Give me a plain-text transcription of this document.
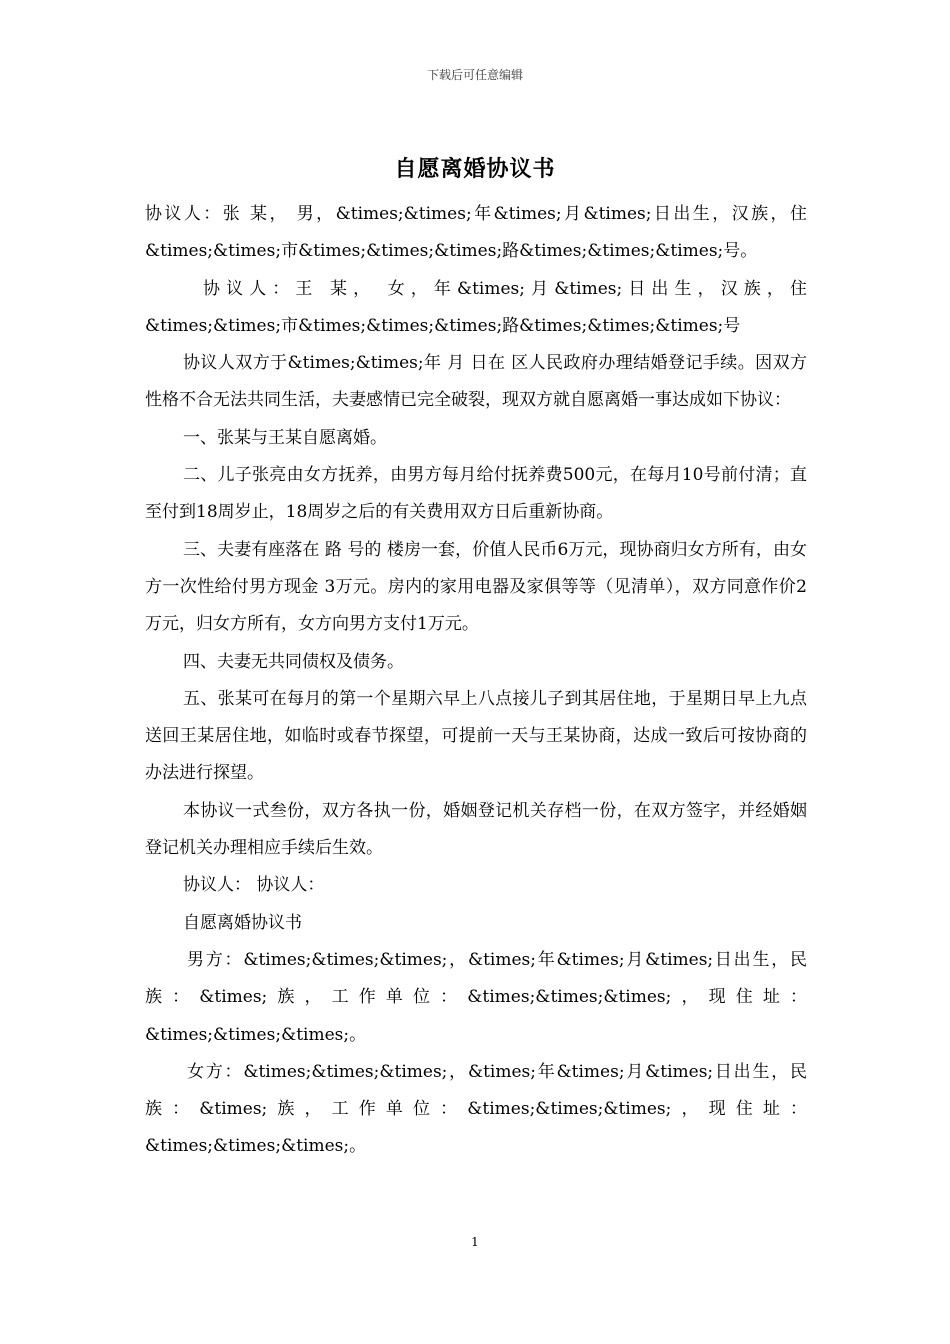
下载后可任意编辑
自愿离婚协议书

协议人：张 某， 男，&times;&times;年&times;月&times;日出生，汉族，住&times;&times;市&times;&times;&times;路&times;&times;&times;号。

协议人：王 某， 女，年&times;月&times;日出生，汉族，住&times;&times;市&times;&times;&times;路&times;&times;&times;号

协议人双方于&times;&times;年 月 日在 区人民政府办理结婚登记手续。因双方性格不合无法共同生活，夫妻感情已完全破裂，现双方就自愿离婚一事达成如下协议：

一、张某与王某自愿离婚。

二、儿子张亮由女方抚养，由男方每月给付抚养费500元，在每月10号前付清；直至付到18周岁止，18周岁之后的有关费用双方日后重新协商。

三、夫妻有座落在 路 号的 楼房一套，价值人民币6万元，现协商归女方所有，由女方一次性给付男方现金 3万元。房内的家用电器及家俱等等（见清单），双方同意作价2万元，归女方所有，女方向男方支付1万元。

四、夫妻无共同债权及债务。

五、张某可在每月的第一个星期六早上八点接儿子到其居住地，于星期日早上九点送回王某居住地，如临时或春节探望，可提前一天与王某协商，达成一致后可按协商的办法进行探望。

本协议一式叁份，双方各执一份，婚姻登记机关存档一份，在双方签字，并经婚姻登记机关办理相应手续后生效。

协议人： 协议人：

自愿离婚协议书

男方：&times;&times;&times;，&times;年&times;月&times;日出生，民族：&times;族，工作单位：&times;&times;&times;，现住址：&times;&times;&times;。

女方：&times;&times;&times;，&times;年&times;月&times;日出生，民族：&times;族，工作单位：&times;&times;&times;，现住址：&times;&times;&times;。

1
